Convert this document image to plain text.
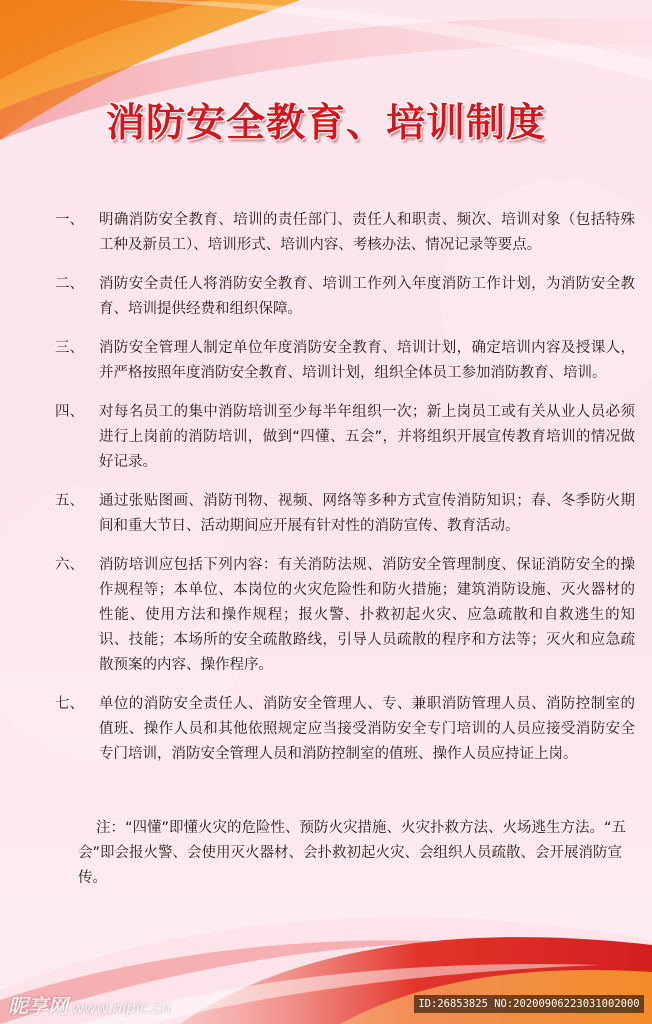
消防安全教育、培训制度
一、	明确消防安全教育、培训的责任部门、责任人和职责、频次、培训对象（包括特殊工种及新员工）、培训形式、培训内容、考核办法、情况记录等要点。
二、	消防安全责任人将消防安全教育、培训工作列入年度消防工作计划，为消防安全教育、培训提供经费和组织保障。
三、	消防安全管理人制定单位年度消防安全教育、培训计划，确定培训内容及授课人，并严格按照年度消防安全教育、培训计划，组织全体员工参加消防教育、培训。
四、	对每名员工的集中消防培训至少每半年组织一次；新上岗员工或有关从业人员必须进行上岗前的消防培训，做到“四懂、五会”，并将组织开展宣传教育培训的情况做好记录。
五、	通过张贴图画、消防刊物、视频、网络等多种方式宣传消防知识；春、冬季防火期间和重大节日、活动期间应开展有针对性的消防宣传、教育活动。
六、	消防培训应包括下列内容：有关消防法规、消防安全管理制度、保证消防安全的操作规程等；本单位、本岗位的火灾危险性和防火措施；建筑消防设施、灭火器材的性能、使用方法和操作规程；报火警、扑救初起火灾、应急疏散和自救逃生的知识、技能；本场所的安全疏散路线，引导人员疏散的程序和方法等；灭火和应急疏散预案的内容、操作程序。
七、	单位的消防安全责任人、消防安全管理人、专、兼职消防管理人员、消防控制室的值班、操作人员和其他依照规定应当接受消防安全专门培训的人员应接受消防安全专门培训，消防安全管理人员和消防控制室的值班、操作人员应持证上岗。
注：“四懂”即懂火灾的危险性、预防火灾措施、火灾扑救方法、火场逃生方法。“五会”即会报火警、会使用灭火器材、会扑救初起火灾、会组织人员疏散、会开展消防宣传。
昵享网 www.nipic.cn	ID:26853825 NO:20200906223031002000
